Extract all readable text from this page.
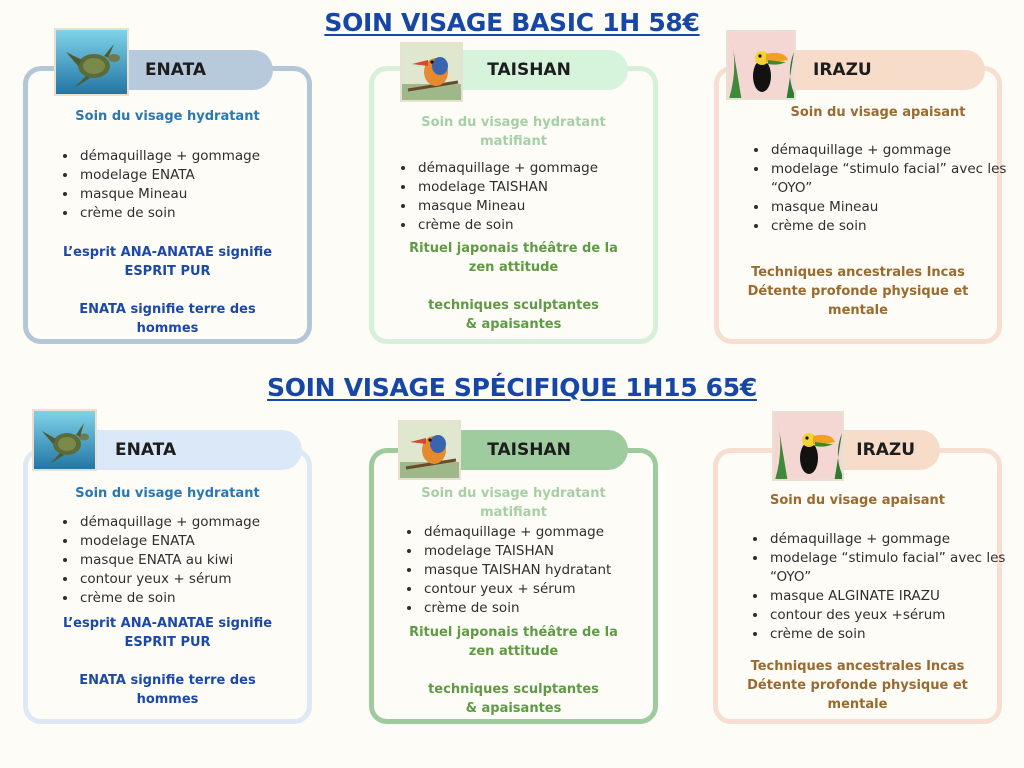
SOIN VISAGE BASIC 1H 58€

Soin du visage hydratant

• démaquillage + gommage
• modelage ENATA
• masque Mineau
• crème de soin

L’esprit ANA-ANATAE signifie ESPRIT PUR

ENATA signifie terre des hommes

ENATA

Soin du visage hydratant matifiant

• démaquillage + gommage
• modelage TAISHAN
• masque Mineau
• crème de soin

Rituel japonais théâtre de la zen attitude

techniques sculptantes & apaisantes

TAISHAN

Soin du visage apaisant

• démaquillage + gommage
• modelage “stimulo facial” avec les “OYO”
• masque Mineau
• crème de soin

Techniques ancestrales Incas Détente profonde physique et mentale

IRAZU
SOIN VISAGE SPÉCIFIQUE 1H15 65€

Soin du visage hydratant

• démaquillage + gommage
• modelage ENATA
• masque ENATA au kiwi
• contour yeux + sérum
• crème de soin

L’esprit ANA-ANATAE signifie ESPRIT PUR

ENATA signifie terre des hommes

ENATA

Soin du visage hydratant matifiant

• démaquillage + gommage
• modelage TAISHAN
• masque TAISHAN hydratant
• contour yeux + sérum
• crème de soin

Rituel japonais théâtre de la zen attitude

techniques sculptantes & apaisantes

TAISHAN

Soin du visage apaisant

• démaquillage + gommage
• modelage “stimulo facial” avec les “OYO”
• masque ALGINATE IRAZU
• contour des yeux +sérum
• crème de soin

Techniques ancestrales Incas Détente profonde physique et mentale

IRAZU
